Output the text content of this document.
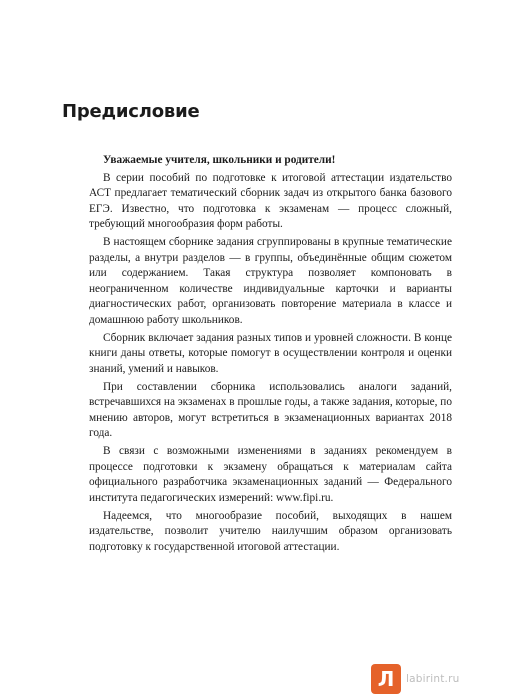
Предисловие

Уважаемые учителя, школьники и родители!

В серии пособий по подготовке к итоговой аттестации издательство АСТ предлагает тематический сборник задач из открытого банка базового ЕГЭ. Известно, что подготовка к экзаменам — процесс сложный, требующий многообразия форм работы.

В настоящем сборнике задания сгруппированы в крупные тематические разделы, а внутри разделов — в группы, объединённые общим сюжетом или содержанием. Такая структура позволяет компоновать в неограниченном количестве индивидуальные карточки и варианты диагностических работ, организовать повторение материала в классе и домашнюю работу школьников.

Сборник включает задания разных типов и уровней сложности. В конце книги даны ответы, которые помогут в осуществлении контроля и оценки знаний, умений и навыков.

При составлении сборника использовались аналоги заданий, встречавшихся на экзаменах в прошлые годы, а также задания, которые, по мнению авторов, могут встретиться в экзаменационных вариантах 2018 года.

В связи с возможными изменениями в заданиях рекомендуем в процессе подготовки к экзамену обращаться к материалам сайта официального разработчика экзаменационных заданий — Федерального института педагогических измерений: www.fipi.ru.

Надеемся, что многообразие пособий, выходящих в нашем издательстве, позволит учителю наилучшим образом организовать подготовку к государственной итоговой аттестации.

Л	labirint.ru
